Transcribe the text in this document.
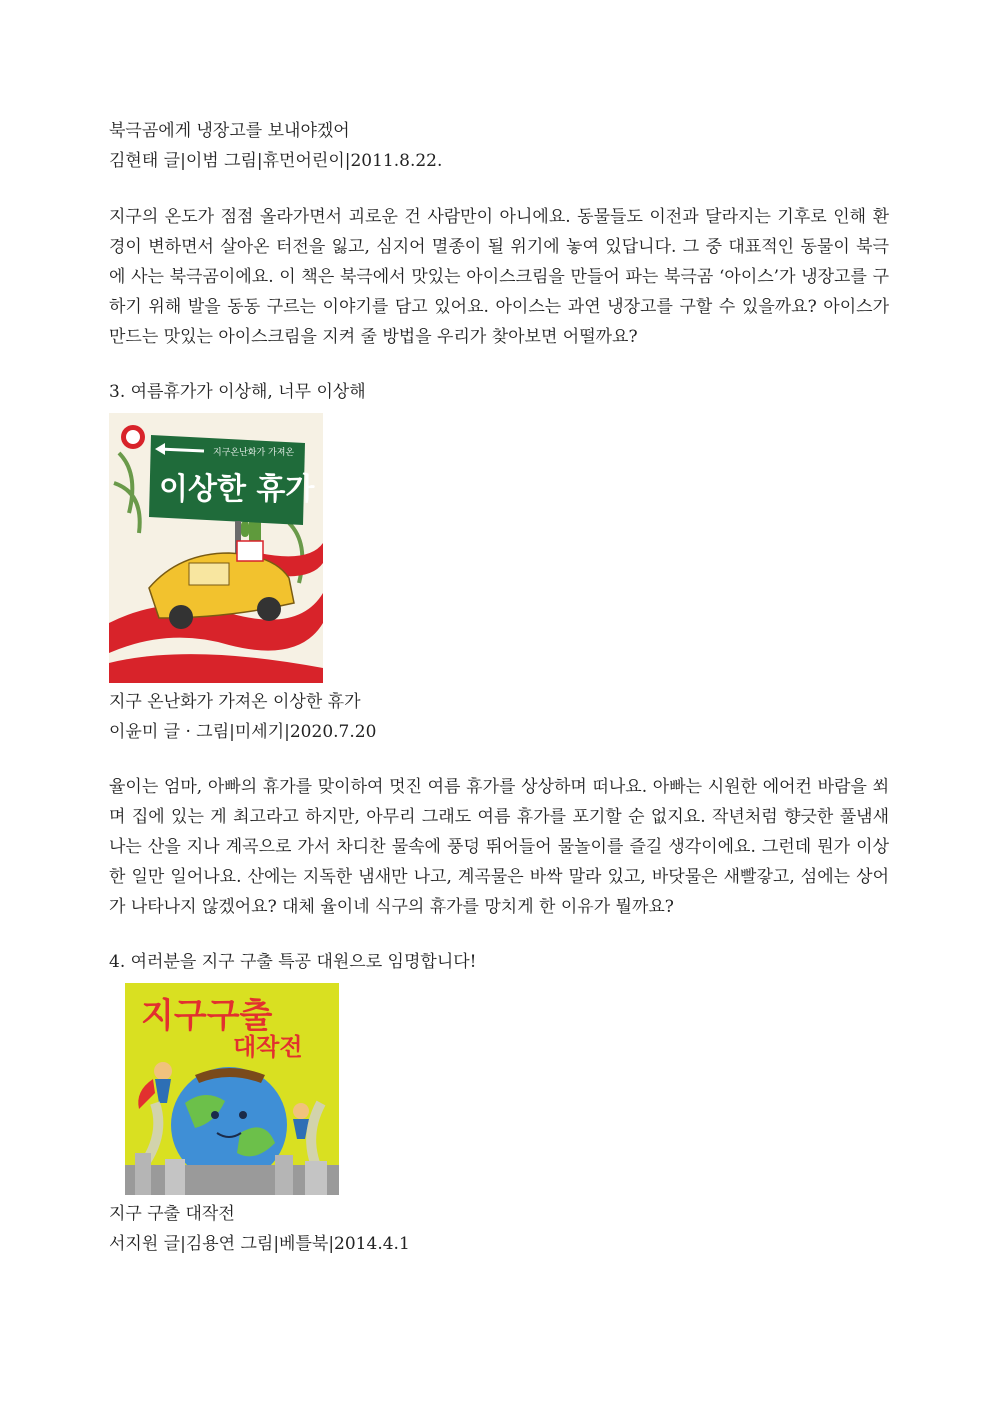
북극곰에게 냉장고를 보내야겠어
김현태 글|이범 그림|휴먼어린이|2011.8.22.

지구의 온도가 점점 올라가면서 괴로운 건 사람만이 아니에요. 동물들도 이전과 달라지는 기후로 인해 환경이 변하면서 살아온 터전을 잃고, 심지어 멸종이 될 위기에 놓여 있답니다. 그 중 대표적인 동물이 북극에 사는 북극곰이에요. 이 책은 북극에서 맛있는 아이스크림을 만들어 파는 북극곰 ‘아이스’가 냉장고를 구하기 위해 발을 동동 구르는 이야기를 담고 있어요. 아이스는 과연 냉장고를 구할 수 있을까요? 아이스가 만드는 맛있는 아이스크림을 지켜 줄 방법을 우리가 찾아보면 어떨까요?

3. 여름휴가가 이상해, 너무 이상해
지구온난화가 가져온
이상한 휴가
지구 온난화가 가져온 이상한 휴가
이윤미 글 · 그림|미세기|2020.7.20

율이는 엄마, 아빠의 휴가를 맞이하여 멋진 여름 휴가를 상상하며 떠나요. 아빠는 시원한 에어컨 바람을 쐬며 집에 있는 게 최고라고 하지만, 아무리 그래도 여름 휴가를 포기할 순 없지요. 작년처럼 향긋한 풀냄새 나는 산을 지나 계곡으로 가서 차디찬 물속에 풍덩 뛰어들어 물놀이를 즐길 생각이에요. 그런데 뭔가 이상한 일만 일어나요. 산에는 지독한 냄새만 나고, 계곡물은 바싹 말라 있고, 바닷물은 새빨갛고, 섬에는 상어가 나타나지 않겠어요? 대체 율이네 식구의 휴가를 망치게 한 이유가 뭘까요?

4. 여러분을 지구 구출 특공 대원으로 임명합니다!
지구구출
대작전
지구 구출 대작전
서지원 글|김용연 그림|베틀북|2014.4.1
